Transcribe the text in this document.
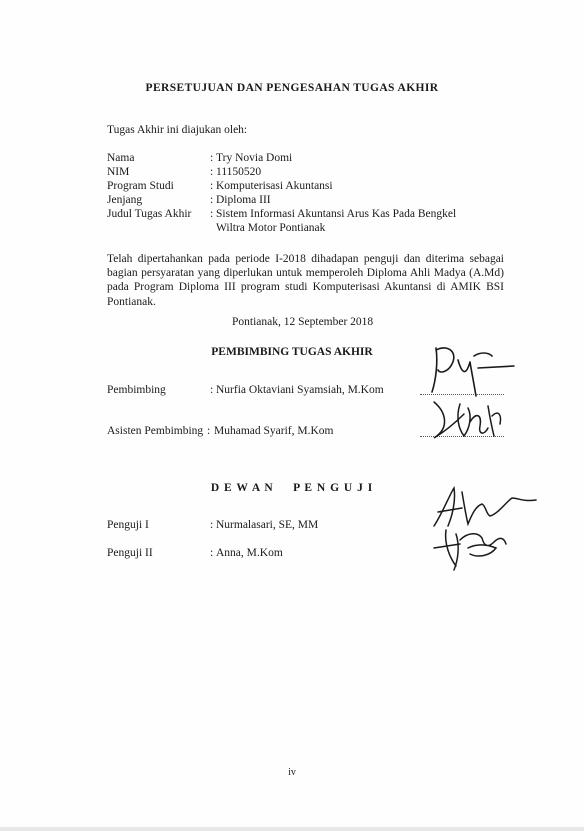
PERSETUJUAN DAN PENGESAHAN TUGAS AKHIR
Tugas Akhir ini diajukan oleh:
Nama	: Try Novia Domi
NIM	: 11150520
Program Studi	: Komputerisasi Akuntansi
Jenjang	: Diploma III
Judul Tugas Akhir : Sistem Informasi Akuntansi Arus Kas Pada Bengkel
Wiltra Motor Pontianak
Telah dipertahankan pada periode I-2018 dihadapan penguji dan diterima sebagai bagian persyaratan yang diperlukan untuk memperoleh Diploma Ahli Madya (A.Md) pada Program Diploma III program studi Komputerisasi Akuntansi di AMIK BSI Pontianak.
Pontianak, 12 September 2018
PEMBIMBING TUGAS AKHIR
Pembimbing	: Nurfia Oktaviani Syamsiah, M.Kom
Asisten Pembimbing : Muhamad Syarif, M.Kom
D E W A N     P E N G U J I
Penguji I	: Nurmalasari, SE, MM
Penguji II	: Anna, M.Kom
iv
